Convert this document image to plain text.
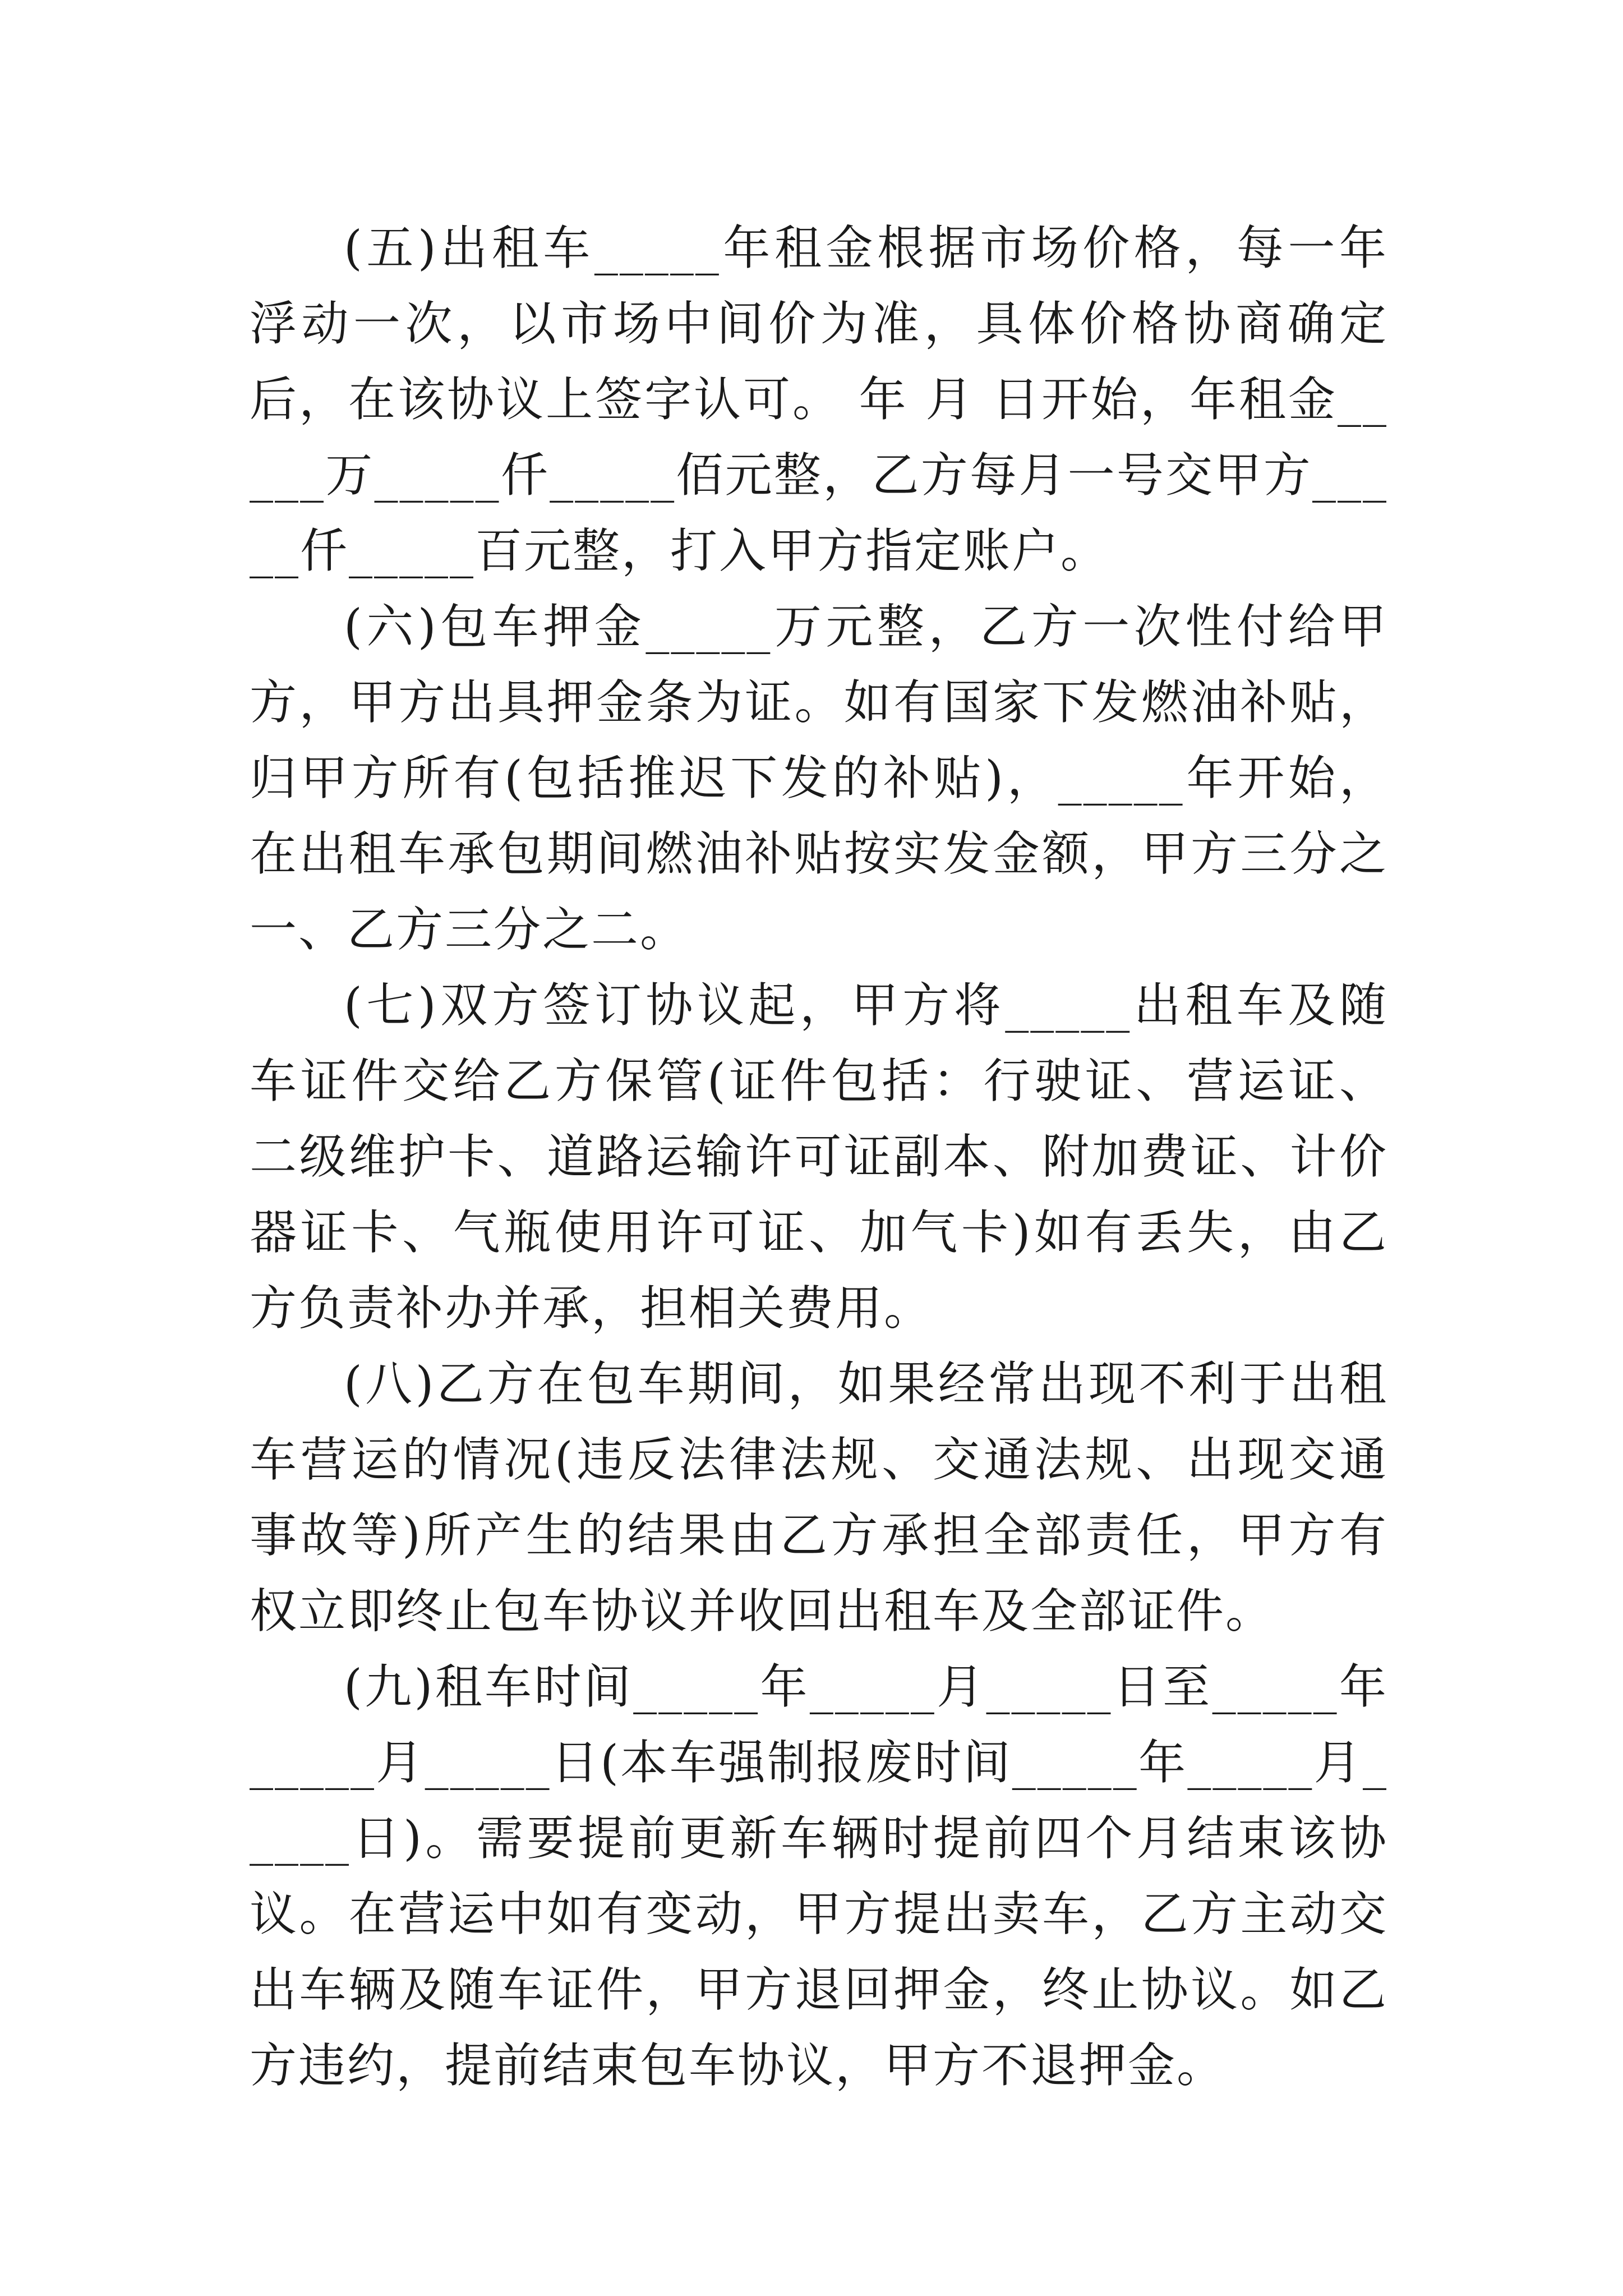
(五)出租车_____年租金根据市场价格，每一年浮动一次，以市场中间价为准，具体价格协商确定后，在该协议上签字认可。 年 月 日开始，年租金_____万_____仟_____佰元整，乙方每月一号交甲方_____仟_____百元整，打入甲方指定账户。

(六)包车押金_____万元整，乙方一次性付给甲方，甲方出具押金条为证。如有国家下发燃油补贴，归甲方所有(包括推迟下发的补贴)，_____年开始，在出租车承包期间燃油补贴按实发金额，甲方三分之一、乙方三分之二。

(七)双方签订协议起，甲方将_____出租车及随车证件交给乙方保管(证件包括：行驶证、营运证、二级维护卡、道路运输许可证副本、附加费证、计价器证卡、气瓶使用许可证、加气卡)如有丢失，由乙方负责补办并承，担相关费用。

(八)乙方在包车期间，如果经常出现不利于出租车营运的情况(违反法律法规、交通法规、出现交通事故等)所产生的结果由乙方承担全部责任，甲方有权立即终止包车协议并收回出租车及全部证件。

(九)租车时间_____年_____月_____日至_____年_____月_____日(本车强制报废时间_____年_____月_____日)。需要提前更新车辆时提前四个月结束该协议。在营运中如有变动，甲方提出卖车，乙方主动交出车辆及随车证件，甲方退回押金，终止协议。如乙方违约，提前结束包车协议，甲方不退押金。
